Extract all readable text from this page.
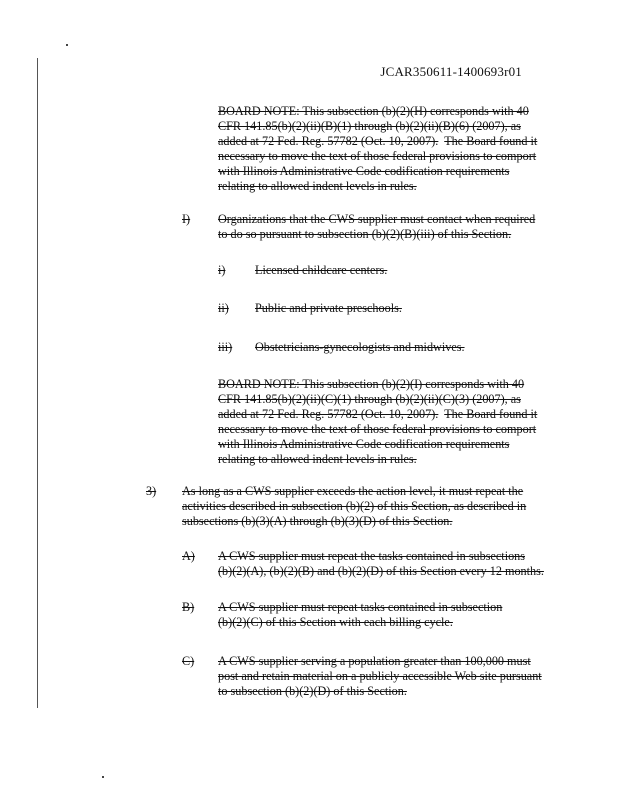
JCAR350611-1400693r01

BOARD NOTE: This subsection (b)(2)(H) corresponds with 40

CFR 141.85(b)(2)(ii)(B)(1) through (b)(2)(ii)(B)(6) (2007), as

added at 72 Fed. Reg. 57782 (Oct. 10, 2007). The Board found it

necessary to move the text of those federal provisions to comport

with Illinois Administrative Code codification requirements

relating to allowed indent levels in rules.

I) Organizations that the CWS supplier must contact when required

to do so pursuant to subsection (b)(2)(B)(iii) of this Section.

i) Licensed childcare centers.
ii) Public and private preschools.
iii) Obstetricians-gynecologists and midwives.

BOARD NOTE: This subsection (b)(2)(I) corresponds with 40

CFR 141.85(b)(2)(ii)(C)(1) through (b)(2)(ii)(C)(3) (2007), as

added at 72 Fed. Reg. 57782 (Oct. 10, 2007). The Board found it

necessary to move the text of those federal provisions to comport

with Illinois Administrative Code codification requirements

relating to allowed indent levels in rules.

3) As long as a CWS supplier exceeds the action level, it must repeat the

activities described in subsection (b)(2) of this Section, as described in

subsections (b)(3)(A) through (b)(3)(D) of this Section.

A) A CWS supplier must repeat the tasks contained in subsections

(b)(2)(A), (b)(2)(B) and (b)(2)(D) of this Section every 12 months.

B) A CWS supplier must repeat tasks contained in subsection

(b)(2)(C) of this Section with each billing cycle.

C) A CWS supplier serving a population greater than 100,000 must

post and retain material on a publicly accessible Web site pursuant

to subsection (b)(2)(D) of this Section.
